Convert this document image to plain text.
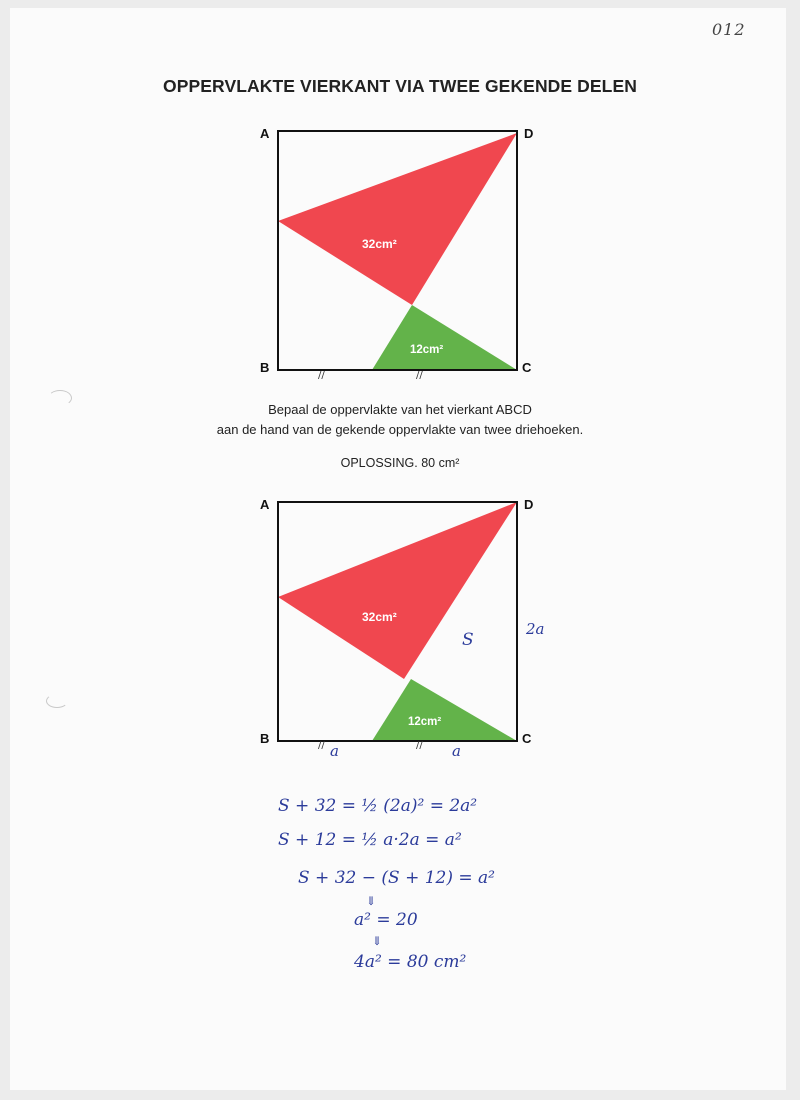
012
OPPERVLAKTE VIERKANT VIA TWEE GEKENDE DELEN
A	D
B	C
32cm²
12cm²
//	//
Bepaal de oppervlakte van het vierkant ABCD
aan de hand van de gekende oppervlakte van twee driehoeken.
OPLOSSING. 80 cm²
A	D
B	C
32cm²
12cm²
//	//
S
2a
a	a
S + 32 = ½ (2a)² = 2a²
S + 12 = ½ a·2a = a²
S + 32 − (S + 12) = a²
⇓
a² = 20
⇓
4a² = 80 cm²
